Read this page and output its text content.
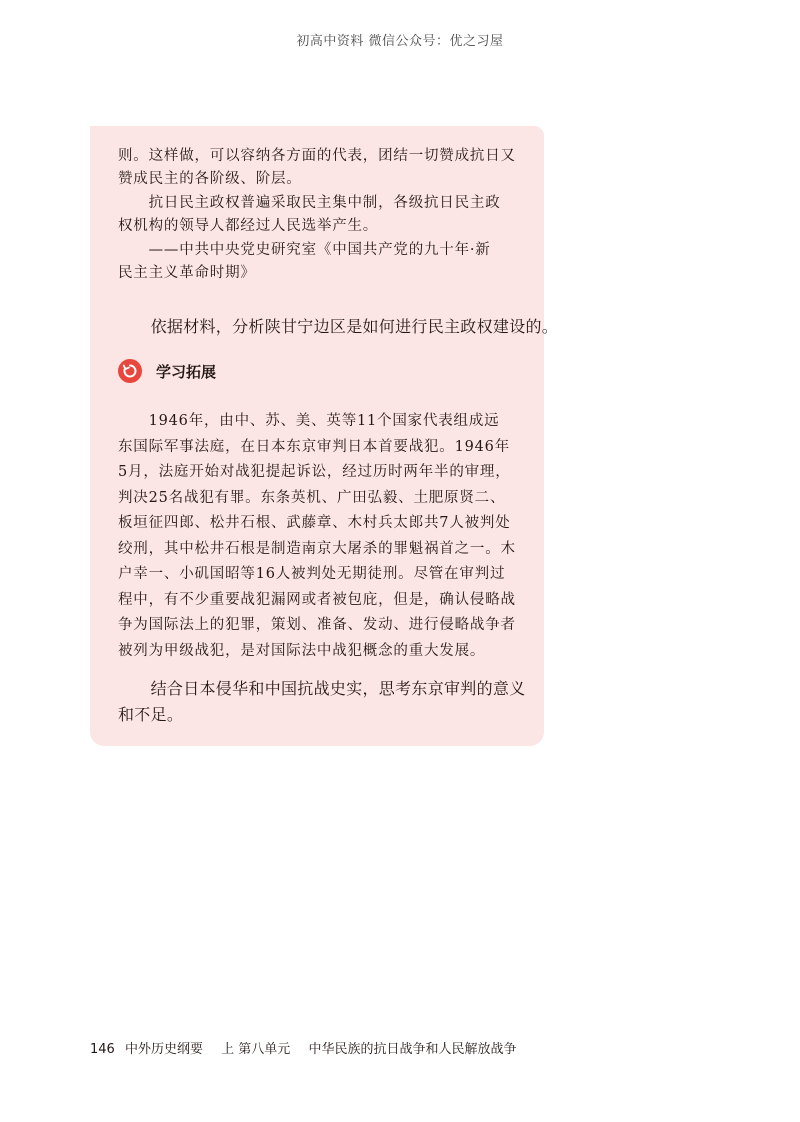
初高中资料 微信公众号：优之习屋
则。这样做，可以容纳各方面的代表，团结一切赞成抗日又
赞成民主的各阶级、阶层。
　　抗日民主政权普遍采取民主集中制，各级抗日民主政
权机构的领导人都经过人民选举产生。
　　——中共中央党史研究室《中国共产党的九十年·新
民主主义革命时期》
　　依据材料，分析陕甘宁边区是如何进行民主政权建设的。
学习拓展
　　1946年，由中、苏、美、英等11个国家代表组成远
东国际军事法庭，在日本东京审判日本首要战犯。1946年
5月，法庭开始对战犯提起诉讼，经过历时两年半的审理，
判决25名战犯有罪。东条英机、广田弘毅、土肥原贤二、
板垣征四郎、松井石根、武藤章、木村兵太郎共7人被判处
绞刑，其中松井石根是制造南京大屠杀的罪魁祸首之一。木
户幸一、小矶国昭等16人被判处无期徒刑。尽管在审判过
程中，有不少重要战犯漏网或者被包庇，但是，确认侵略战
争为国际法上的犯罪，策划、准备、发动、进行侵略战争者
被列为甲级战犯，是对国际法中战犯概念的重大发展。
　　结合日本侵华和中国抗战史实，思考东京审判的意义
和不足。
146 中外历史纲要 上 第八单元 中华民族的抗日战争和人民解放战争
